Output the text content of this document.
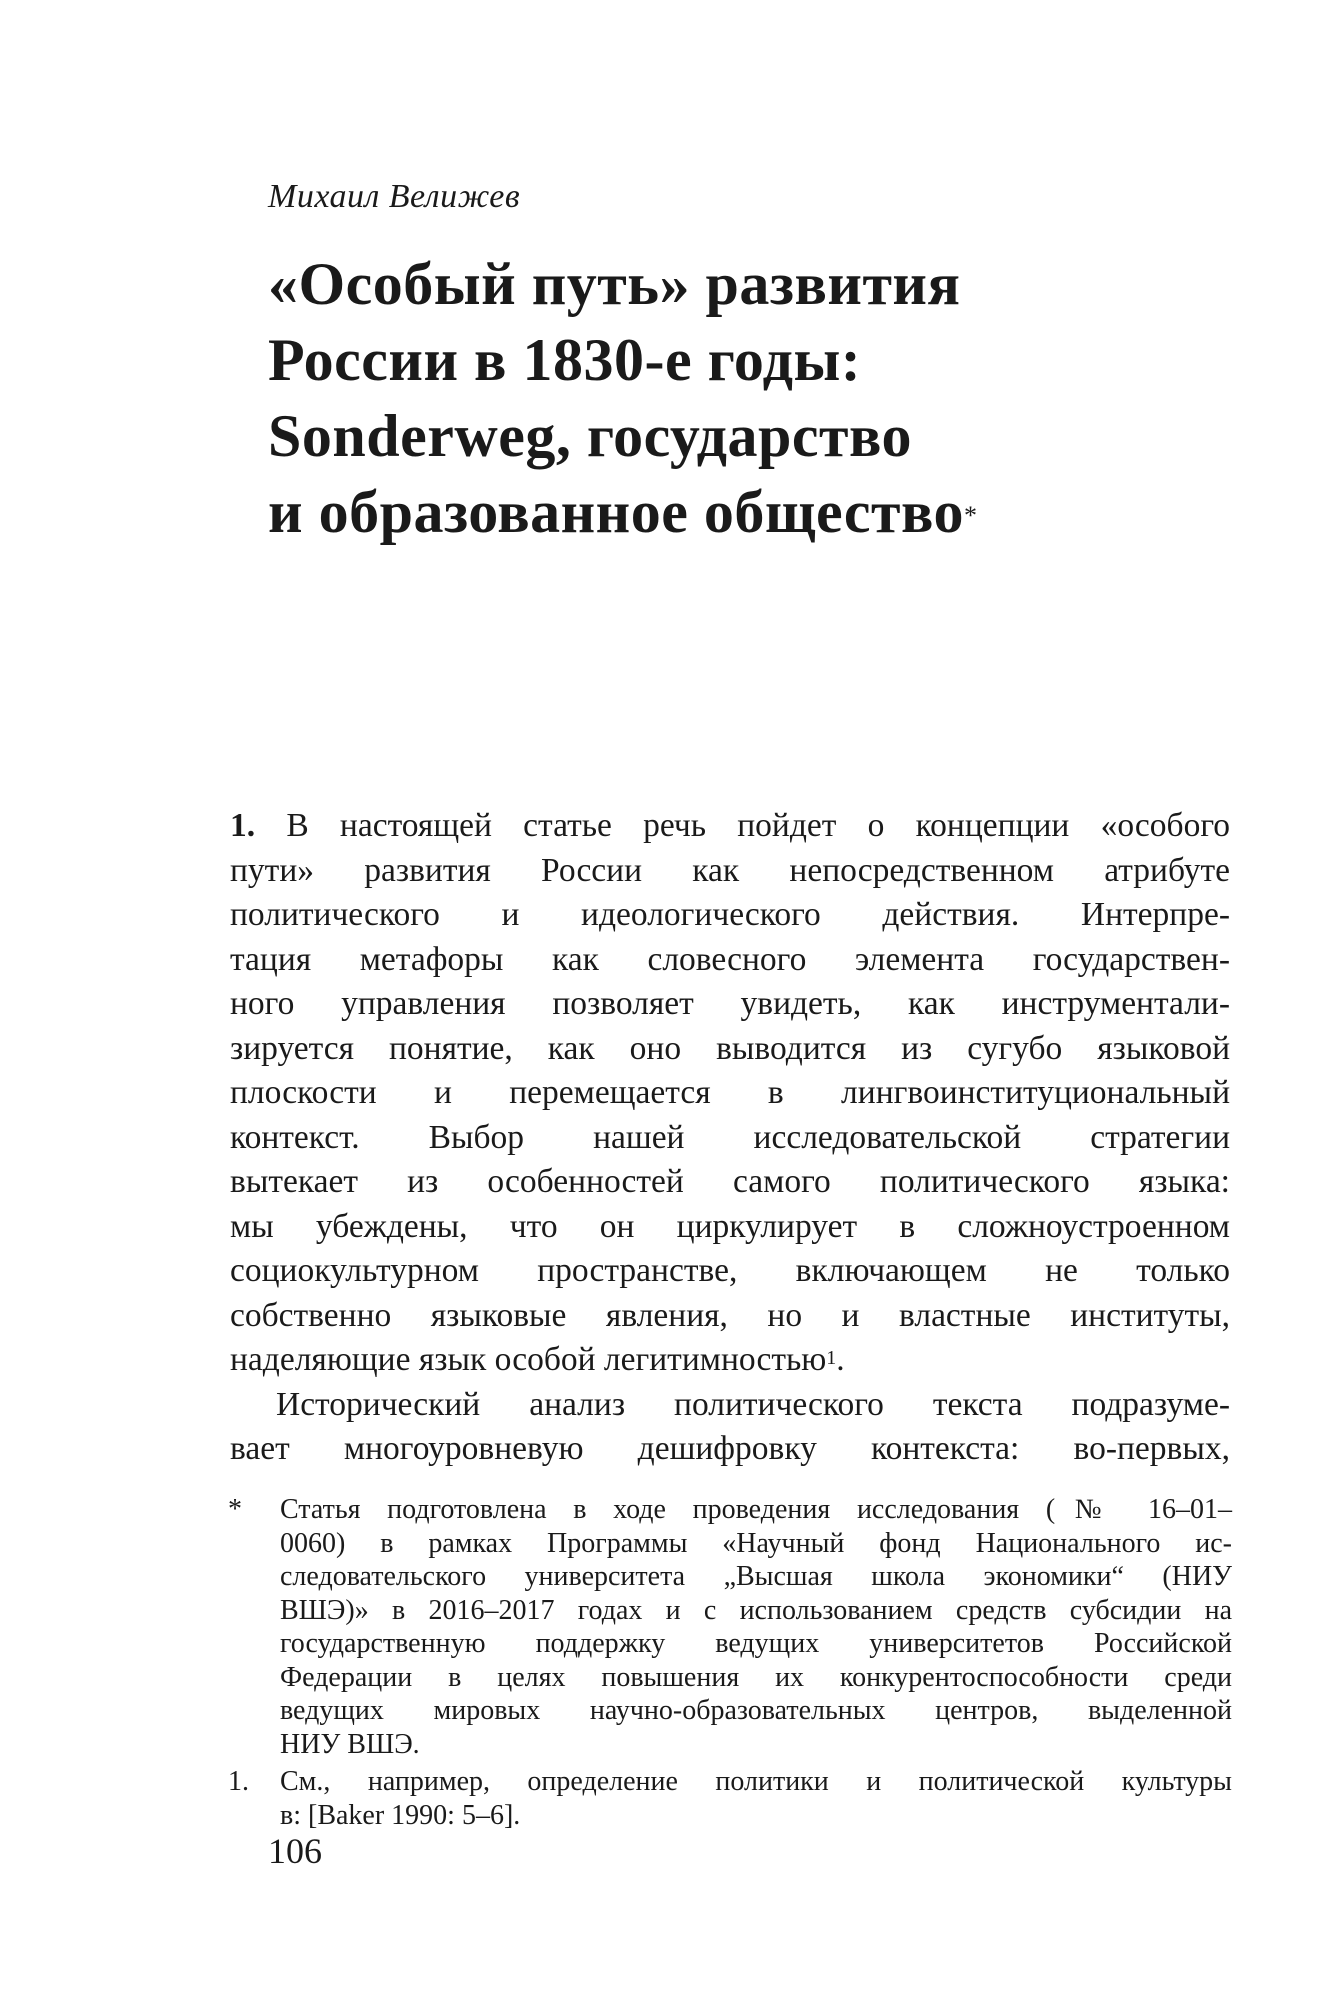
Михаил Велижев
«Особый путь» развития
России в 1830-е годы:
Sonderweg, государство
и образованное общество*
1. В настоящей статье речь пойдет о концепции «особого
пути» развития России как непосредственном атрибуте
политического и идеологического действия. Интерпре-
тация метафоры как словесного элемента государствен-
ного управления позволяет увидеть, как инструментали-
зируется понятие, как оно выводится из сугубо языковой
плоскости и перемещается в лингвоинституциональный
контекст. Выбор нашей исследовательской стратегии
вытекает из особенностей самого политического языка:
мы убеждены, что он циркулирует в сложноустроенном
социокультурном пространстве, включающем не только
собственно языковые явления, но и властные институты,
наделяющие язык особой легитимностью$^1$.
Исторический анализ политического текста подразуме-
вает многоуровневую дешифровку контекста: во-первых,
* Статья подготовлена в ходе проведения исследования (№ 16–01–
0060) в рамках Программы «Научный фонд Национального ис-
следовательского университета „Высшая школа экономики“ (НИУ
ВШЭ)» в 2016–2017 годах и с использованием средств субсидии на
государственную поддержку ведущих университетов Российской
Федерации в целях повышения их конкурентоспособности среди
ведущих мировых научно-образовательных центров, выделенной
НИУ ВШЭ.
1. См., например, определение политики и политической культуры
в: [Baker 1990: 5–6].
106
